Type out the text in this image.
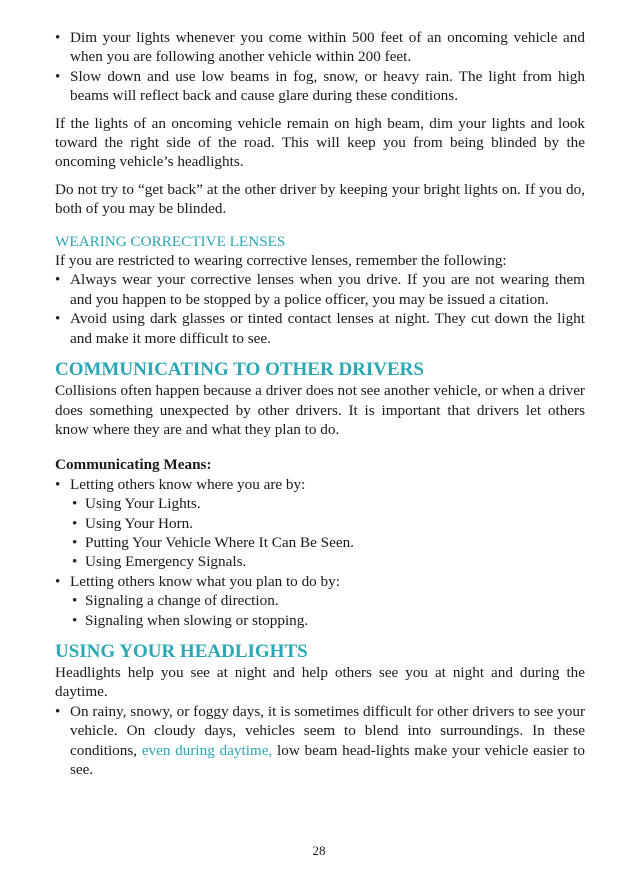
• Dim your lights whenever you come within 500 feet of an oncoming vehicle and when you are following another vehicle within 200 feet.
• Slow down and use low beams in fog, snow, or heavy rain. The light from high beams will reflect back and cause glare during these conditions.

If the lights of an oncoming vehicle remain on high beam, dim your lights and look toward the right side of the road. This will keep you from being blinded by the oncoming vehicle’s headlights.

Do not try to “get back” at the other driver by keeping your bright lights on. If you do, both of you may be blinded.

WEARING CORRECTIVE LENSES

If you are restricted to wearing corrective lenses, remember the following:

• Always wear your corrective lenses when you drive. If you are not wearing them and you happen to be stopped by a police officer, you may be issued a citation.
• Avoid using dark glasses or tinted contact lenses at night. They cut down the light and make it more difficult to see.
COMMUNICATING TO OTHER DRIVERS

Collisions often happen because a driver does not see another vehicle, or when a driver does something unexpected by other drivers. It is important that drivers let others know where they are and what they plan to do.

Communicating Means:

• Letting others know where you are by:
• Using Your Lights.
• Using Your Horn.
• Putting Your Vehicle Where It Can Be Seen.
• Using Emergency Signals.
• Letting others know what you plan to do by:
• Signaling a change of direction.
• Signaling when slowing or stopping.
USING YOUR HEADLIGHTS

Headlights help you see at night and help others see you at night and during the daytime.

• On rainy, snowy, or foggy days, it is sometimes difficult for other drivers to see your vehicle. On cloudy days, vehicles seem to blend into surroundings. In these conditions, even during daytime, low beam head-lights make your vehicle easier to see.
28
